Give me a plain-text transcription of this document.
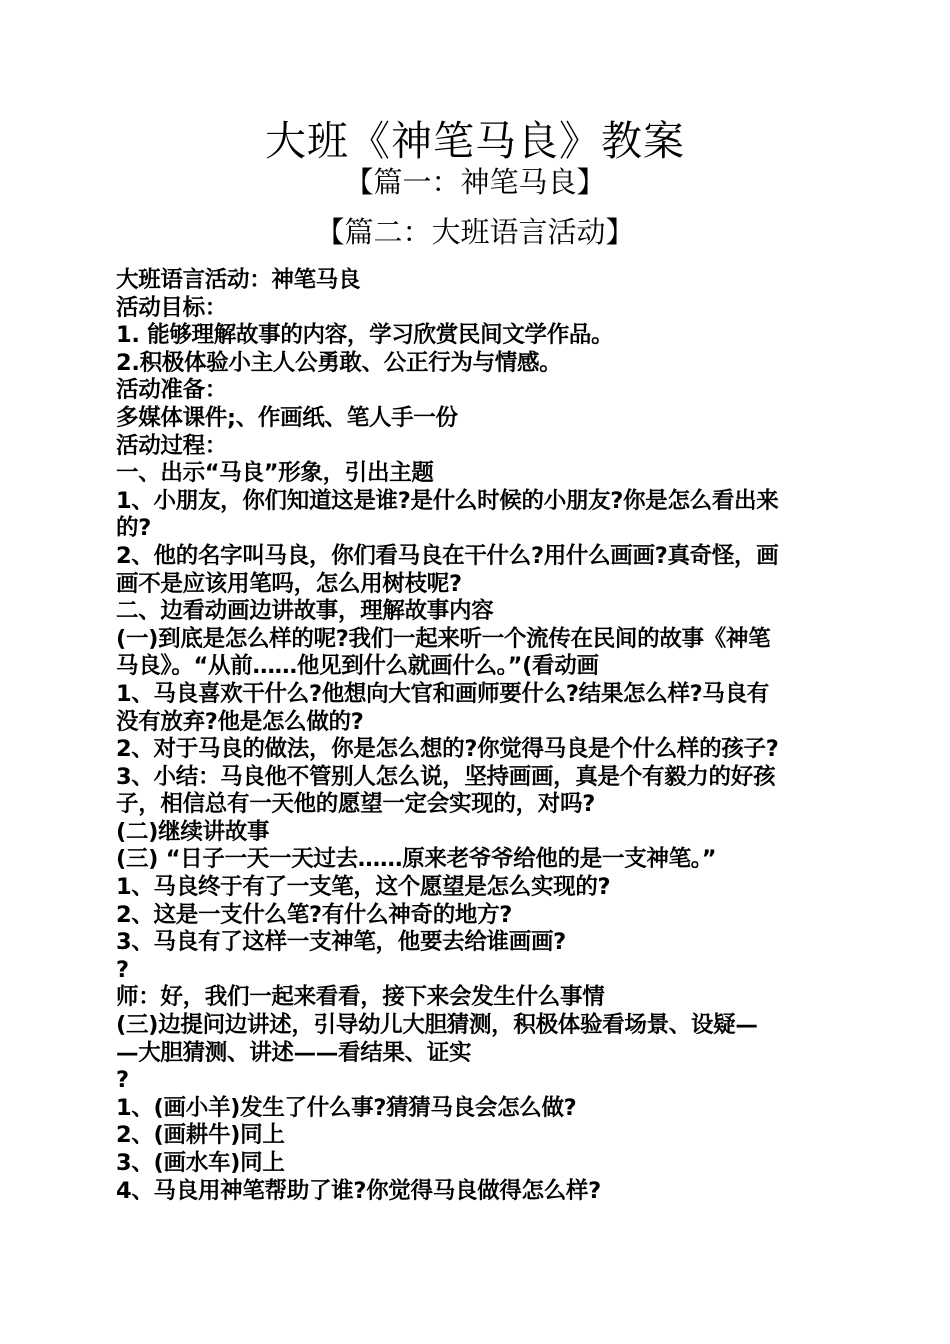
大班《神笔马良》教案
【篇一：神笔马良】
【篇二：大班语言活动】
大班语言活动：神笔马良
活动目标：
1. 能够理解故事的内容，学习欣赏民间文学作品。
2.积极体验小主人公勇敢、公正行为与情感。
活动准备：
多媒体课件;、作画纸、笔人手一份
活动过程：
一、出示“马良”形象，引出主题
1、小朋友，你们知道这是谁?是什么时候的小朋友?你是怎么看出来
的?
2、他的名字叫马良，你们看马良在干什么?用什么画画?真奇怪，画
画不是应该用笔吗，怎么用树枝呢?
二、边看动画边讲故事，理解故事内容
(一)到底是怎么样的呢?我们一起来听一个流传在民间的故事《神笔
马良》。“从前……他见到什么就画什么。”(看动画
1、马良喜欢干什么?他想向大官和画师要什么?结果怎么样?马良有
没有放弃?他是怎么做的?
2、对于马良的做法，你是怎么想的?你觉得马良是个什么样的孩子?
3、小结：马良他不管别人怎么说，坚持画画，真是个有毅力的好孩
子，相信总有一天他的愿望一定会实现的，对吗?
(二)继续讲故事
(三) “日子一天一天过去……原来老爷爷给他的是一支神笔。”
1、马良终于有了一支笔，这个愿望是怎么实现的?
2、这是一支什么笔?有什么神奇的地方?
3、马良有了这样一支神笔，他要去给谁画画?
?
师：好，我们一起来看看，接下来会发生什么事情
(三)边提问边讲述，引导幼儿大胆猜测，积极体验看场景、设疑—
—大胆猜测、讲述——看结果、证实
?
1、(画小羊)发生了什么事?猜猜马良会怎么做?
2、(画耕牛)同上
3、(画水车)同上
4、马良用神笔帮助了谁?你觉得马良做得怎么样?
